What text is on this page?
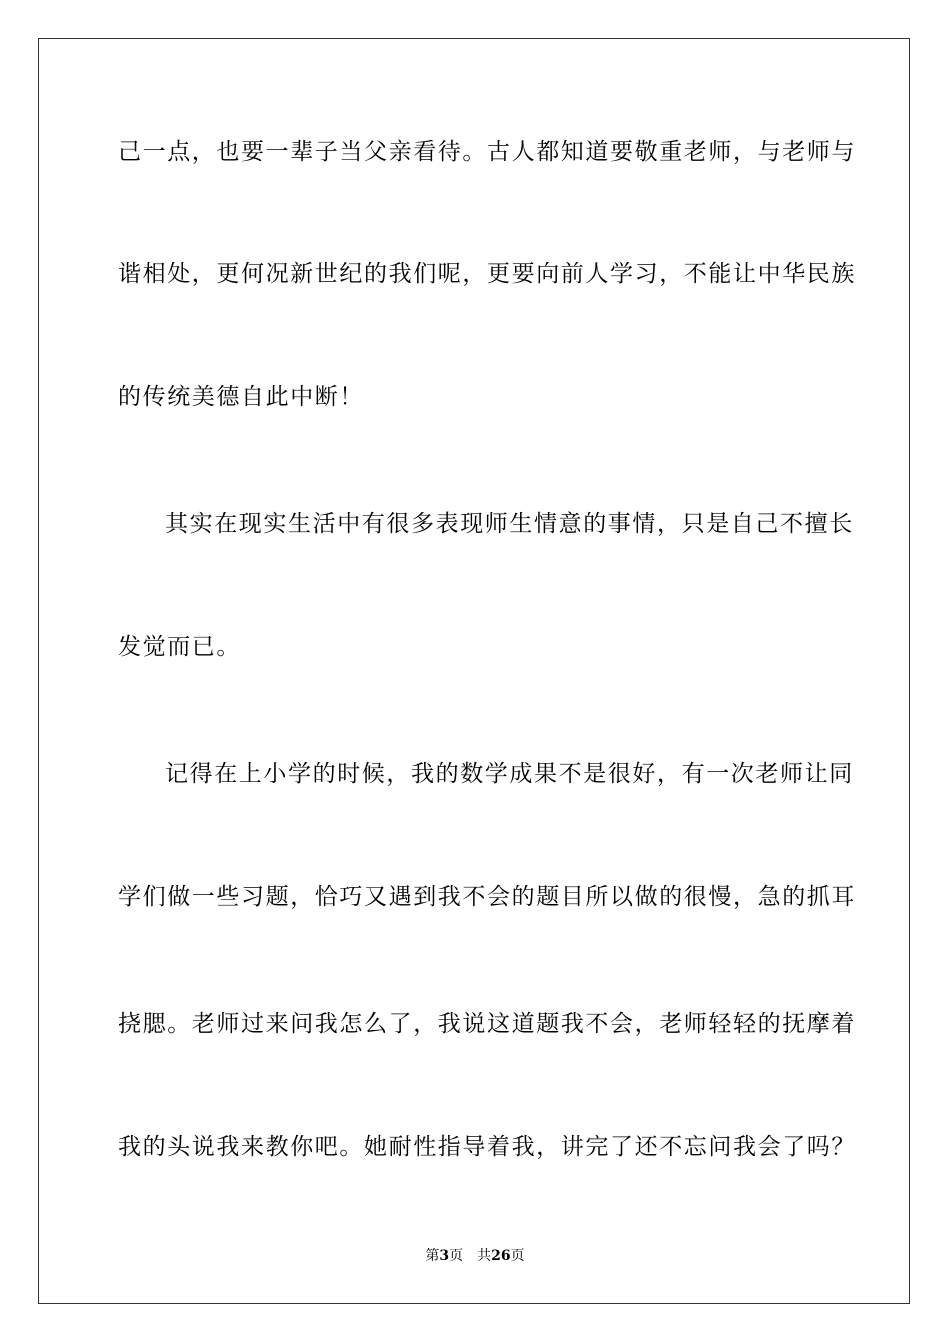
己一点，也要一辈子当父亲看待。古人都知道要敬重老师，与老师与
谐相处，更何况新世纪的我们呢，更要向前人学习，不能让中华民族
的传统美德自此中断！
其实在现实生活中有很多表现师生情意的事情，只是自己不擅长
发觉而已。
记得在上小学的时候，我的数学成果不是很好，有一次老师让同
学们做一些习题，恰巧又遇到我不会的题目所以做的很慢，急的抓耳
挠腮。老师过来问我怎么了，我说这道题我不会，老师轻轻的抚摩着
我的头说我来教你吧。她耐性指导着我，讲完了还不忘问我会了吗？
第3页 共26页
